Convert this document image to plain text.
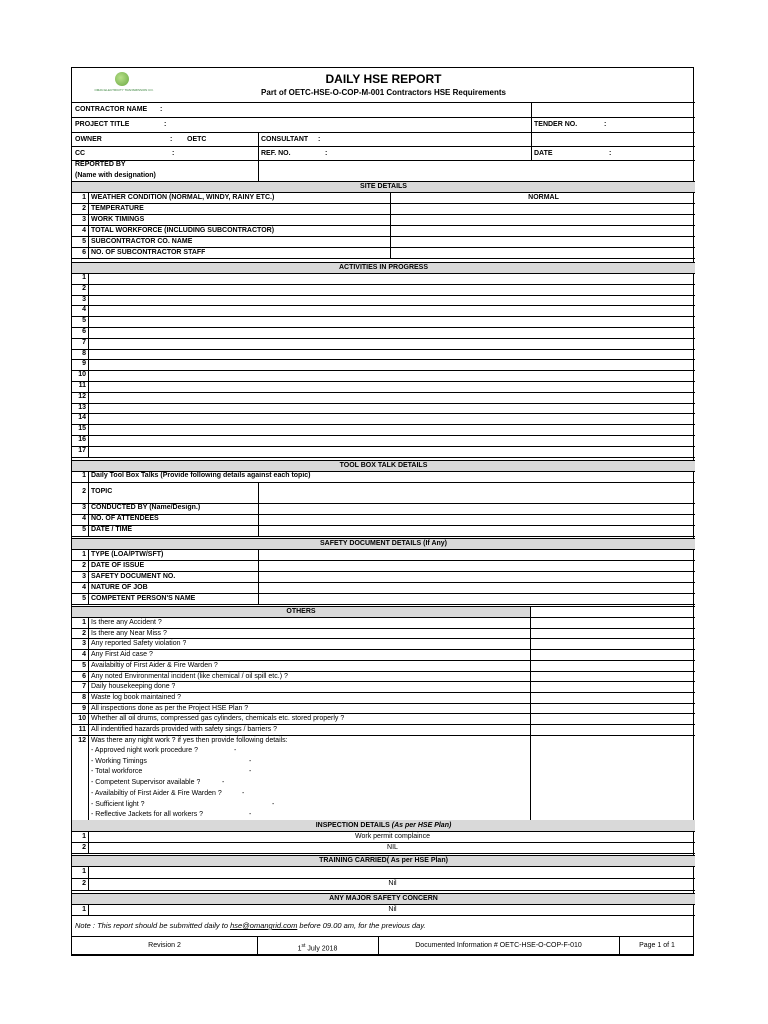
OMAN ELECTRICITY TRANSMISSION CO.
DAILY HSE REPORT
Part of OETC-HSE-O-COP-M-001 Contractors HSE Requirements
CONTRACTOR NAME :
PROJECT TITLE	:	TENDER NO.	:
OWNER	: OETC	CONSULTANT :
CC	:	REF. NO.	:	DATE	:
REPORTED BY
(Name with designation)
SITE DETAILS
1 WEATHER CONDITION (NORMAL, WINDY, RAINY ETC.)	NORMAL
2 TEMPERATURE
3 WORK TIMINGS
4 TOTAL WORKFORCE (INCLUDING SUBCONTRACTOR)
5 SUBCONTRACTOR CO. NAME
6 NO. OF SUBCONTRACTOR STAFF
ACTIVITIES IN PROGRESS
1
2
3
4
5
6
7
8
9
10
11
12
13
14
15
16
17
TOOL BOX TALK DETAILS
1 Daily Tool Box Talks (Provide following details against each topic)
2 TOPIC
3 CONDUCTED BY (Name/Design.)
4 NO. OF ATTENDEES
5 DATE / TIME
SAFETY DOCUMENT DETAILS (If Any)
1 TYPE (LOA/PTW/SFT)
2 DATE OF ISSUE
3 SAFETY DOCUMENT NO.
4 NATURE OF JOB
5 COMPETENT PERSON'S NAME
OTHERS
1 Is there any Accident ?
2 Is there any Near Miss ?
3 Any reported Safety violation ?
4 Any First Aid case ?
5 Availabiltiy of First Aider & Fire Warden ?
6 Any noted Environmental incident (like chemical / oil spill etc.) ?
7 Daily housekeeping done ?
8 Waste log book maintained ?
9 All inspections done as per the Project HSE Plan ?
10 Whether all oil drums, compressed gas cylinders, chemicals etc. stored properly ?
11 All indentified hazards provided with safety sings / barriers ?
12 Was there any night work ? if yes then provide following details:
- Approved night work procedure ?	-
- Working Timings	-
- Total workforce	-
- Competent Supervisor available ?	-
- Availabiltiy of First Aider & Fire Warden ?	-
- Sufficient light ?	-
- Reflective Jackets for all workers ?	-
INSPECTION DETAILS (As per HSE Plan)
1	Work permit complaince
2	NIL
TRAINING CARRIED( As per HSE Plan)
1
2	Nil
ANY MAJOR SAFETY CONCERN
1	Nil
Note : This report should be submitted daily to hse@omangrid.com before 09.00 am, for the previous day.
Revision 2	1st July 2018	Documented Information # OETC-HSE-O-COP-F-010	Page 1 of 1
